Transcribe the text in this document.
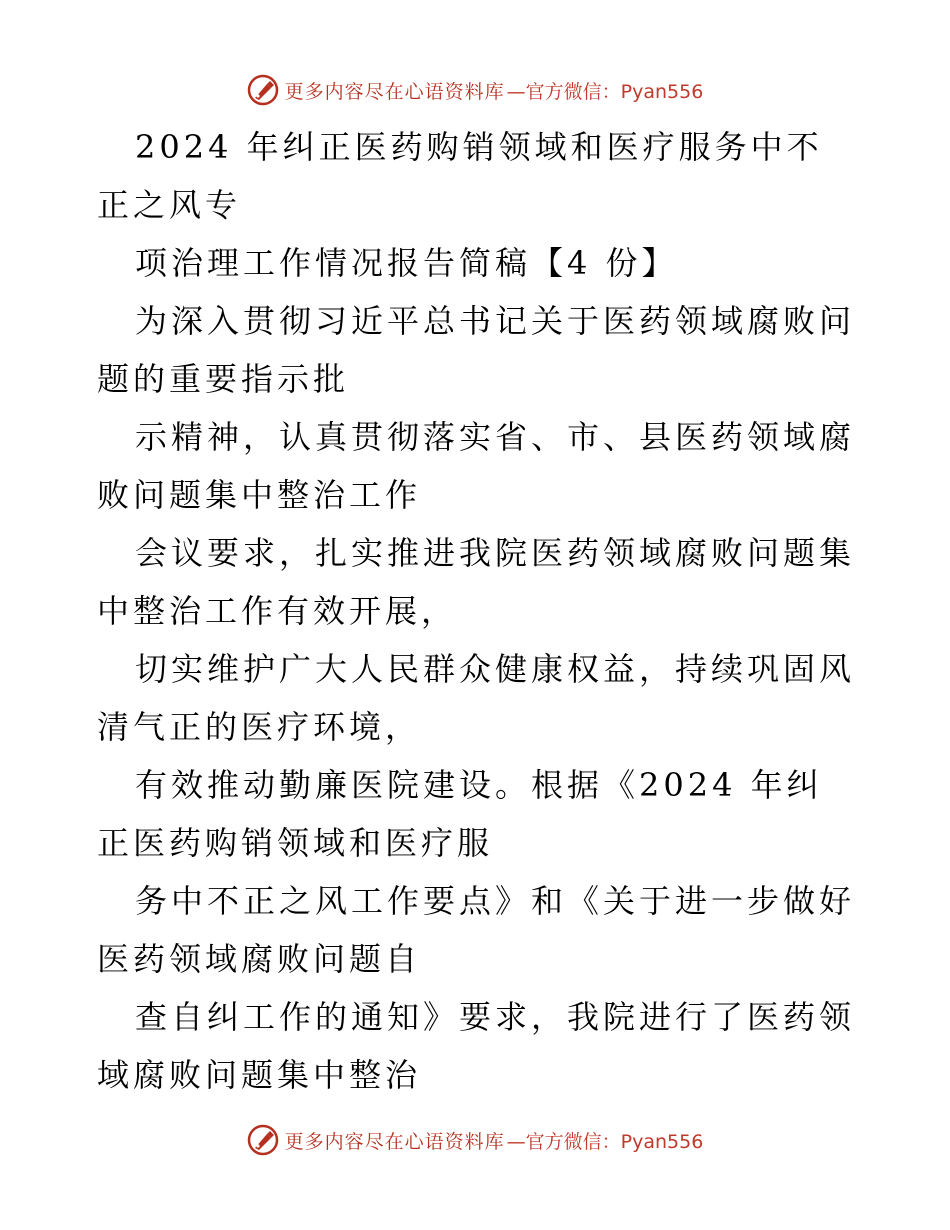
更多内容尽在心语资料库 —官方微信：Pyan556

2024 年纠正医药购销领域和医疗服务中不正之风专

项治理工作情况报告简稿【4 份】

为深入贯彻习近平总书记关于医药领域腐败问题的重要指示批

示精神，认真贯彻落实省、市、县医药领域腐败问题集中整治工作

会议要求，扎实推进我院医药领域腐败问题集中整治工作有效开展，

切实维护广大人民群众健康权益，持续巩固风清气正的医疗环境，

有效推动勤廉医院建设。根据《2024 年纠正医药购销领域和医疗服

务中不正之风工作要点》和《关于进一步做好医药领域腐败问题自

查自纠工作的通知》要求，我院进行了医药领域腐败问题集中整治

更多内容尽在心语资料库 —官方微信：Pyan556
